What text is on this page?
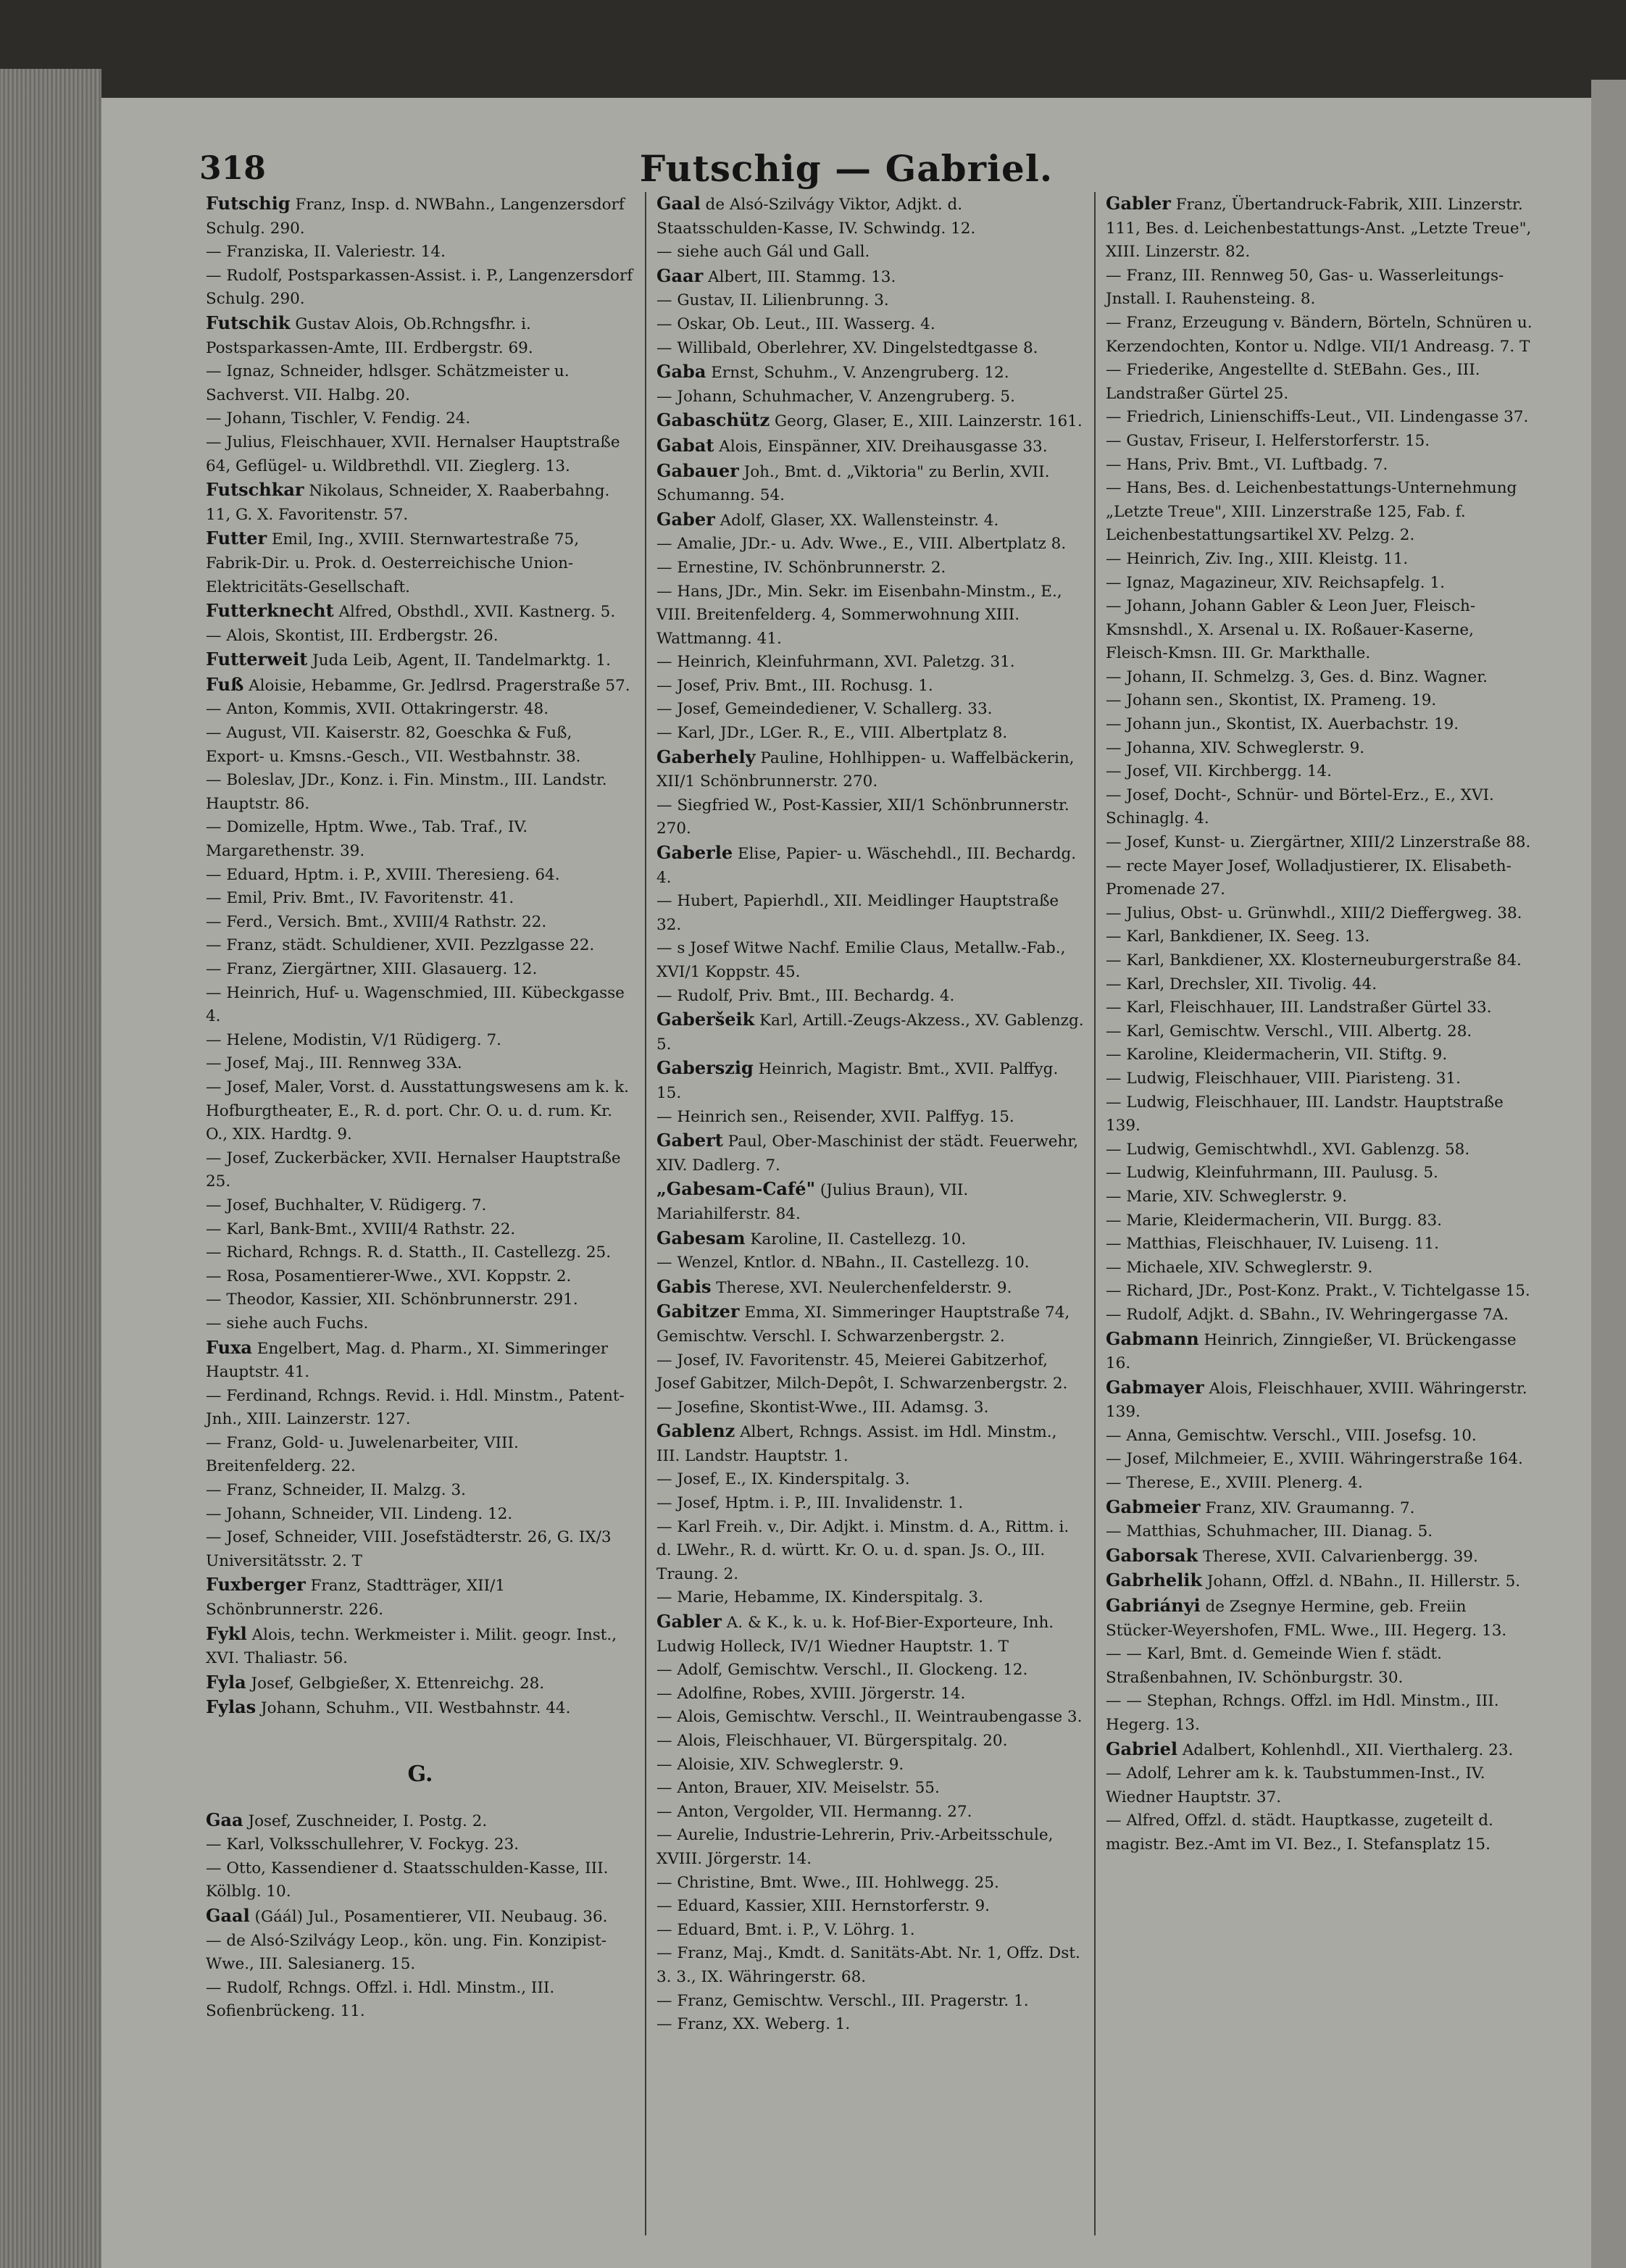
318	Futschig — Gabriel.

Futschig Franz, Insp. d. NWBahn., Langenzersdorf Schulg. 290.

— Franziska, II. Valeriestr. 14.

— Rudolf, Postsparkassen-Assist. i. P., Langenzersdorf Schulg. 290.

Futschik Gustav Alois, Ob.Rchngsfhr. i. Postsparkassen-Amte, III. Erdbergstr. 69.

— Ignaz, Schneider, hdlsger. Schätzmeister u. Sachverst. VII. Halbg. 20.

— Johann, Tischler, V. Fendig. 24.

— Julius, Fleischhauer, XVII. Hernalser Hauptstraße 64, Geflügel- u. Wildbrethdl. VII. Zieglerg. 13.

Futschkar Nikolaus, Schneider, X. Raaberbahng. 11, G. X. Favoritenstr. 57.

Futter Emil, Ing., XVIII. Sternwartestraße 75, Fabrik-Dir. u. Prok. d. Oesterreichische Union-Elektricitäts-Gesellschaft.

Futterknecht Alfred, Obsthdl., XVII. Kastnerg. 5.

— Alois, Skontist, III. Erdbergstr. 26.

Futterweit Juda Leib, Agent, II. Tandelmarktg. 1.

Fuß Aloisie, Hebamme, Gr. Jedlrsd. Pragerstraße 57.

— Anton, Kommis, XVII. Ottakringerstr. 48.

— August, VII. Kaiserstr. 82, Goeschka & Fuß, Export- u. Kmsns.-Gesch., VII. Westbahnstr. 38.

— Boleslav, JDr., Konz. i. Fin. Minstm., III. Landstr. Hauptstr. 86.

— Domizelle, Hptm. Wwe., Tab. Traf., IV. Margarethenstr. 39.

— Eduard, Hptm. i. P., XVIII. Theresieng. 64.

— Emil, Priv. Bmt., IV. Favoritenstr. 41.

— Ferd., Versich. Bmt., XVIII/4 Rathstr. 22.

— Franz, städt. Schuldiener, XVII. Pezzlgasse 22.

— Franz, Ziergärtner, XIII. Glasauerg. 12.

— Heinrich, Huf- u. Wagenschmied, III. Kübeckgasse 4.

— Helene, Modistin, V/1 Rüdigerg. 7.

— Josef, Maj., III. Rennweg 33A.

— Josef, Maler, Vorst. d. Ausstattungswesens am k. k. Hofburgtheater, E., R. d. port. Chr. O. u. d. rum. Kr. O., XIX. Hardtg. 9.

— Josef, Zuckerbäcker, XVII. Hernalser Hauptstraße 25.

— Josef, Buchhalter, V. Rüdigerg. 7.

— Karl, Bank-Bmt., XVIII/4 Rathstr. 22.

— Richard, Rchngs. R. d. Statth., II. Castellezg. 25.

— Rosa, Posamentierer-Wwe., XVI. Koppstr. 2.

— Theodor, Kassier, XII. Schönbrunnerstr. 291.

— siehe auch Fuchs.

Fuxa Engelbert, Mag. d. Pharm., XI. Simmeringer Hauptstr. 41.

— Ferdinand, Rchngs. Revid. i. Hdl. Minstm., Patent-Jnh., XIII. Lainzerstr. 127.

— Franz, Gold- u. Juwelenarbeiter, VIII. Breitenfelderg. 22.

— Franz, Schneider, II. Malzg. 3.

— Johann, Schneider, VII. Lindeng. 12.

— Josef, Schneider, VIII. Josefstädterstr. 26, G. IX/3 Universitätsstr. 2. T

Fuxberger Franz, Stadtträger, XII/1 Schönbrunnerstr. 226.

Fykl Alois, techn. Werkmeister i. Milit. geogr. Inst., XVI. Thaliastr. 56.

Fyla Josef, Gelbgießer, X. Ettenreichg. 28.

Fylas Johann, Schuhm., VII. Westbahnstr. 44.

G.

Gaa Josef, Zuschneider, I. Postg. 2.

— Karl, Volksschullehrer, V. Fockyg. 23.

— Otto, Kassendiener d. Staatsschulden-Kasse, III. Kölblg. 10.

Gaal (Gáál) Jul., Posamentierer, VII. Neubaug. 36.

— de Alsó-Szilvágy Leop., kön. ung. Fin. Konzipist-Wwe., III. Salesianerg. 15.

— Rudolf, Rchngs. Offzl. i. Hdl. Minstm., III. Sofienbrückeng. 11.

Gaal de Alsó-Szilvágy Viktor, Adjkt. d. Staatsschulden-Kasse, IV. Schwindg. 12.

— siehe auch Gál und Gall.

Gaar Albert, III. Stammg. 13.

— Gustav, II. Lilienbrunng. 3.

— Oskar, Ob. Leut., III. Wasserg. 4.

— Willibald, Oberlehrer, XV. Dingelstedtgasse 8.

Gaba Ernst, Schuhm., V. Anzengruberg. 12.

— Johann, Schuhmacher, V. Anzengruberg. 5.

Gabaschütz Georg, Glaser, E., XIII. Lainzerstr. 161.

Gabat Alois, Einspänner, XIV. Dreihausgasse 33.

Gabauer Joh., Bmt. d. „Viktoria" zu Berlin, XVII. Schumanng. 54.

Gaber Adolf, Glaser, XX. Wallensteinstr. 4.

— Amalie, JDr.- u. Adv. Wwe., E., VIII. Albertplatz 8.

— Ernestine, IV. Schönbrunnerstr. 2.

— Hans, JDr., Min. Sekr. im Eisenbahn-Minstm., E., VIII. Breitenfelderg. 4, Sommerwohnung XIII. Wattmanng. 41.

— Heinrich, Kleinfuhrmann, XVI. Paletzg. 31.

— Josef, Priv. Bmt., III. Rochusg. 1.

— Josef, Gemeindediener, V. Schallerg. 33.

— Karl, JDr., LGer. R., E., VIII. Albertplatz 8.

Gaberhely Pauline, Hohlhippen- u. Waffelbäckerin, XII/1 Schönbrunnerstr. 270.

— Siegfried W., Post-Kassier, XII/1 Schönbrunnerstr. 270.

Gaberle Elise, Papier- u. Wäschehdl., III. Bechardg. 4.

— Hubert, Papierhdl., XII. Meidlinger Hauptstraße 32.

— s Josef Witwe Nachf. Emilie Claus, Metallw.-Fab., XVI/1 Koppstr. 45.

— Rudolf, Priv. Bmt., III. Bechardg. 4.

Gaberšeik Karl, Artill.-Zeugs-Akzess., XV. Gablenzg. 5.

Gaberszig Heinrich, Magistr. Bmt., XVII. Palffyg. 15.

— Heinrich sen., Reisender, XVII. Palffyg. 15.

Gabert Paul, Ober-Maschinist der städt. Feuerwehr, XIV. Dadlerg. 7.

„Gabesam-Café" (Julius Braun), VII. Mariahilferstr. 84.

Gabesam Karoline, II. Castellezg. 10.

— Wenzel, Kntlor. d. NBahn., II. Castellezg. 10.

Gabis Therese, XVI. Neulerchenfelderstr. 9.

Gabitzer Emma, XI. Simmeringer Hauptstraße 74, Gemischtw. Verschl. I. Schwarzenbergstr. 2.

— Josef, IV. Favoritenstr. 45, Meierei Gabitzerhof, Josef Gabitzer, Milch-Depôt, I. Schwarzenbergstr. 2.

— Josefine, Skontist-Wwe., III. Adamsg. 3.

Gablenz Albert, Rchngs. Assist. im Hdl. Minstm., III. Landstr. Hauptstr. 1.

— Josef, E., IX. Kinderspitalg. 3.

— Josef, Hptm. i. P., III. Invalidenstr. 1.

— Karl Freih. v., Dir. Adjkt. i. Minstm. d. A., Rittm. i. d. LWehr., R. d. württ. Kr. O. u. d. span. Js. O., III. Traung. 2.

— Marie, Hebamme, IX. Kinderspitalg. 3.

Gabler A. & K., k. u. k. Hof-Bier-Exporteure, Inh. Ludwig Holleck, IV/1 Wiedner Hauptstr. 1. T

— Adolf, Gemischtw. Verschl., II. Glockeng. 12.

— Adolfine, Robes, XVIII. Jörgerstr. 14.

— Alois, Gemischtw. Verschl., II. Weintraubengasse 3.

— Alois, Fleischhauer, VI. Bürgerspitalg. 20.

— Aloisie, XIV. Schweglerstr. 9.

— Anton, Brauer, XIV. Meiselstr. 55.

— Anton, Vergolder, VII. Hermanng. 27.

— Aurelie, Industrie-Lehrerin, Priv.-Arbeitsschule, XVIII. Jörgerstr. 14.

— Christine, Bmt. Wwe., III. Hohlwegg. 25.

— Eduard, Kassier, XIII. Hernstorferstr. 9.

— Eduard, Bmt. i. P., V. Löhrg. 1.

— Franz, Maj., Kmdt. d. Sanitäts-Abt. Nr. 1, Offz. Dst. 3. 3., IX. Währingerstr. 68.

— Franz, Gemischtw. Verschl., III. Pragerstr. 1.

— Franz, XX. Weberg. 1.

Gabler Franz, Übertandruck-Fabrik, XIII. Linzerstr. 111, Bes. d. Leichenbestattungs-Anst. „Letzte Treue", XIII. Linzerstr. 82.

— Franz, III. Rennweg 50, Gas- u. Wasserleitungs-Jnstall. I. Rauhensteing. 8.

— Franz, Erzeugung v. Bändern, Börteln, Schnüren u. Kerzendochten, Kontor u. Ndlge. VII/1 Andreasg. 7. T

— Friederike, Angestellte d. StEBahn. Ges., III. Landstraßer Gürtel 25.

— Friedrich, Linienschiffs-Leut., VII. Lindengasse 37.

— Gustav, Friseur, I. Helferstorferstr. 15.

— Hans, Priv. Bmt., VI. Luftbadg. 7.

— Hans, Bes. d. Leichenbestattungs-Unternehmung „Letzte Treue", XIII. Linzerstraße 125, Fab. f. Leichenbestattungsartikel XV. Pelzg. 2.

— Heinrich, Ziv. Ing., XIII. Kleistg. 11.

— Ignaz, Magazineur, XIV. Reichsapfelg. 1.

— Johann, Johann Gabler & Leon Juer, Fleisch-Kmsnshdl., X. Arsenal u. IX. Roßauer-Kaserne, Fleisch-Kmsn. III. Gr. Markthalle.

— Johann, II. Schmelzg. 3, Ges. d. Binz. Wagner.

— Johann sen., Skontist, IX. Prameng. 19.

— Johann jun., Skontist, IX. Auerbachstr. 19.

— Johanna, XIV. Schweglerstr. 9.

— Josef, VII. Kirchbergg. 14.

— Josef, Docht-, Schnür- und Börtel-Erz., E., XVI. Schinaglg. 4.

— Josef, Kunst- u. Ziergärtner, XIII/2 Linzerstraße 88.

— recte Mayer Josef, Wolladjustierer, IX. Elisabeth-Promenade 27.

— Julius, Obst- u. Grünwhdl., XIII/2 Dieffergweg. 38.

— Karl, Bankdiener, IX. Seeg. 13.

— Karl, Bankdiener, XX. Klosterneuburgerstraße 84.

— Karl, Drechsler, XII. Tivolig. 44.

— Karl, Fleischhauer, III. Landstraßer Gürtel 33.

— Karl, Gemischtw. Verschl., VIII. Albertg. 28.

— Karoline, Kleidermacherin, VII. Stiftg. 9.

— Ludwig, Fleischhauer, VIII. Piaristeng. 31.

— Ludwig, Fleischhauer, III. Landstr. Hauptstraße 139.

— Ludwig, Gemischtwhdl., XVI. Gablenzg. 58.

— Ludwig, Kleinfuhrmann, III. Paulusg. 5.

— Marie, XIV. Schweglerstr. 9.

— Marie, Kleidermacherin, VII. Burgg. 83.

— Matthias, Fleischhauer, IV. Luiseng. 11.

— Michaele, XIV. Schweglerstr. 9.

— Richard, JDr., Post-Konz. Prakt., V. Tichtelgasse 15.

— Rudolf, Adjkt. d. SBahn., IV. Wehringergasse 7A.

Gabmann Heinrich, Zinngießer, VI. Brückengasse 16.

Gabmayer Alois, Fleischhauer, XVIII. Währingerstr. 139.

— Anna, Gemischtw. Verschl., VIII. Josefsg. 10.

— Josef, Milchmeier, E., XVIII. Währingerstraße 164.

— Therese, E., XVIII. Plenerg. 4.

Gabmeier Franz, XIV. Graumanng. 7.

— Matthias, Schuhmacher, III. Dianag. 5.

Gaborsak Therese, XVII. Calvarienbergg. 39.

Gabrhelik Johann, Offzl. d. NBahn., II. Hillerstr. 5.

Gabriányi de Zsegnye Hermine, geb. Freiin Stücker-Weyershofen, FML. Wwe., III. Hegerg. 13.

— — Karl, Bmt. d. Gemeinde Wien f. städt. Straßenbahnen, IV. Schönburgstr. 30.

— — Stephan, Rchngs. Offzl. im Hdl. Minstm., III. Hegerg. 13.

Gabriel Adalbert, Kohlenhdl., XII. Vierthalerg. 23.

— Adolf, Lehrer am k. k. Taubstummen-Inst., IV. Wiedner Hauptstr. 37.

— Alfred, Offzl. d. städt. Hauptkasse, zugeteilt d. magistr. Bez.-Amt im VI. Bez., I. Stefansplatz 15.
